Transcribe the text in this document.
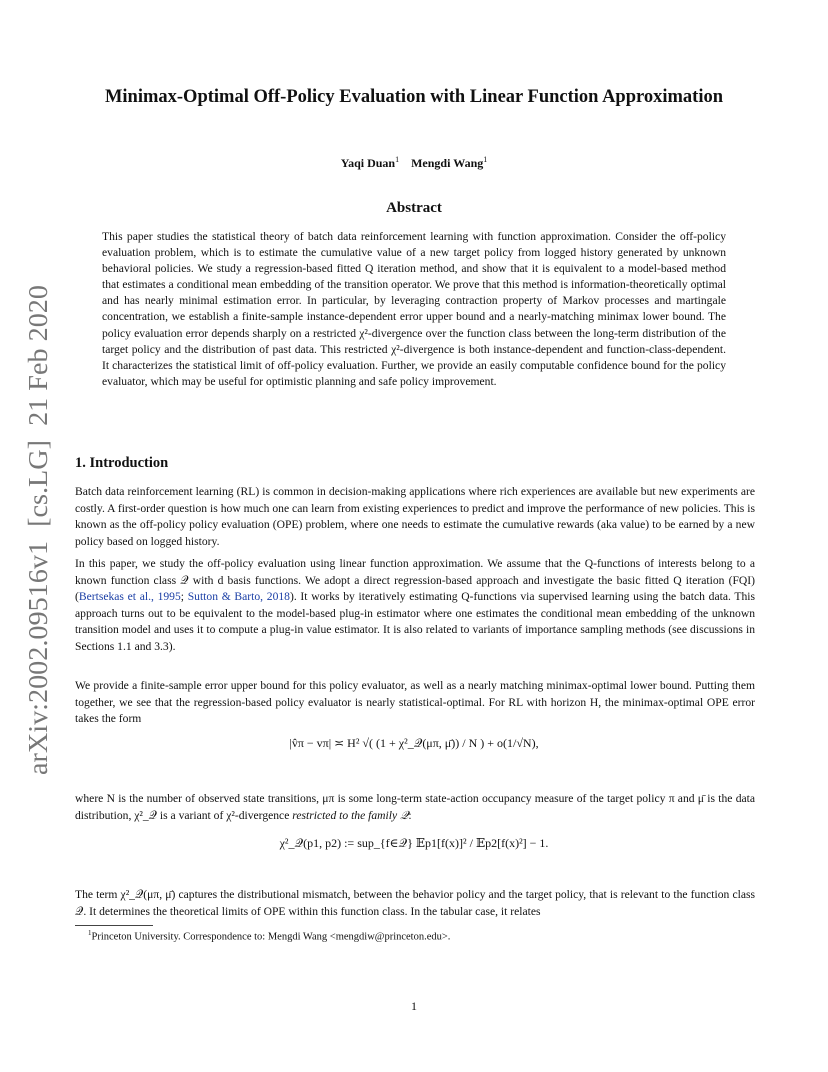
arXiv:2002.09516v1  [cs.LG]  21 Feb 2020
Minimax-Optimal Off-Policy Evaluation with Linear Function Approximation
Yaqi Duan$^1$ Mengdi Wang$^1$
Abstract
This paper studies the statistical theory of batch data reinforcement learning with function approximation. Consider the off-policy evaluation problem, which is to estimate the cumulative value of a new target policy from logged history generated by unknown behavioral policies. We study a regression-based fitted Q iteration method, and show that it is equivalent to a model-based method that estimates a conditional mean embedding of the transition operator. We prove that this method is information-theoretically optimal and has nearly minimal estimation error. In particular, by leveraging contraction property of Markov processes and martingale concentration, we establish a finite-sample instance-dependent error upper bound and a nearly-matching minimax lower bound. The policy evaluation error depends sharply on a restricted χ²-divergence over the function class between the long-term distribution of the target policy and the distribution of past data. This restricted χ²-divergence is both instance-dependent and function-class-dependent. It characterizes the statistical limit of off-policy evaluation. Further, we provide an easily computable confidence bound for the policy evaluator, which may be useful for optimistic planning and safe policy improvement.
1. Introduction
Batch data reinforcement learning (RL) is common in decision-making applications where rich experiences are available but new experiments are costly. A first-order question is how much one can learn from existing experiences to predict and improve the performance of new policies. This is known as the off-policy policy evaluation (OPE) problem, where one needs to estimate the cumulative rewards (aka value) to be earned by a new policy based on logged history.
In this paper, we study the off-policy evaluation using linear function approximation. We assume that the Q-functions of interests belong to a known function class 𝒬 with d basis functions. We adopt a direct regression-based approach and investigate the basic fitted Q iteration (FQI) (Bertsekas et al., 1995; Sutton & Barto, 2018). It works by iteratively estimating Q-functions via supervised learning using the batch data. This approach turns out to be equivalent to the model-based plug-in estimator where one estimates the conditional mean embedding of the unknown transition model and uses it to compute a plug-in value estimator. It is also related to variants of importance sampling methods (see discussions in Sections 1.1 and 3.3).
We provide a finite-sample error upper bound for this policy evaluator, as well as a nearly matching minimax-optimal lower bound. Putting them together, we see that the regression-based policy evaluator is nearly statistical-optimal. For RL with horizon H, the minimax-optimal OPE error takes the form
|v̂π − vπ| ≍ H² √( (1 + χ²_𝒬(μπ, μ̄)) / N ) + o(1/√N),
where N is the number of observed state transitions, μπ is some long-term state-action occupancy measure of the target policy π and μ̄ is the data distribution, χ²_𝒬 is a variant of χ²-divergence restricted to the family 𝒬:
χ²_𝒬(p1, p2) := sup_{f∈𝒬} 𝔼p1[f(x)]² / 𝔼p2[f(x)²] − 1.
The term χ²_𝒬(μπ, μ̄) captures the distributional mismatch, between the behavior policy and the target policy, that is relevant to the function class 𝒬. It determines the theoretical limits of OPE within this function class. In the tabular case, it relates
$^1$Princeton University. Correspondence to: Mengdi Wang <mengdiw@princeton.edu>.
1
